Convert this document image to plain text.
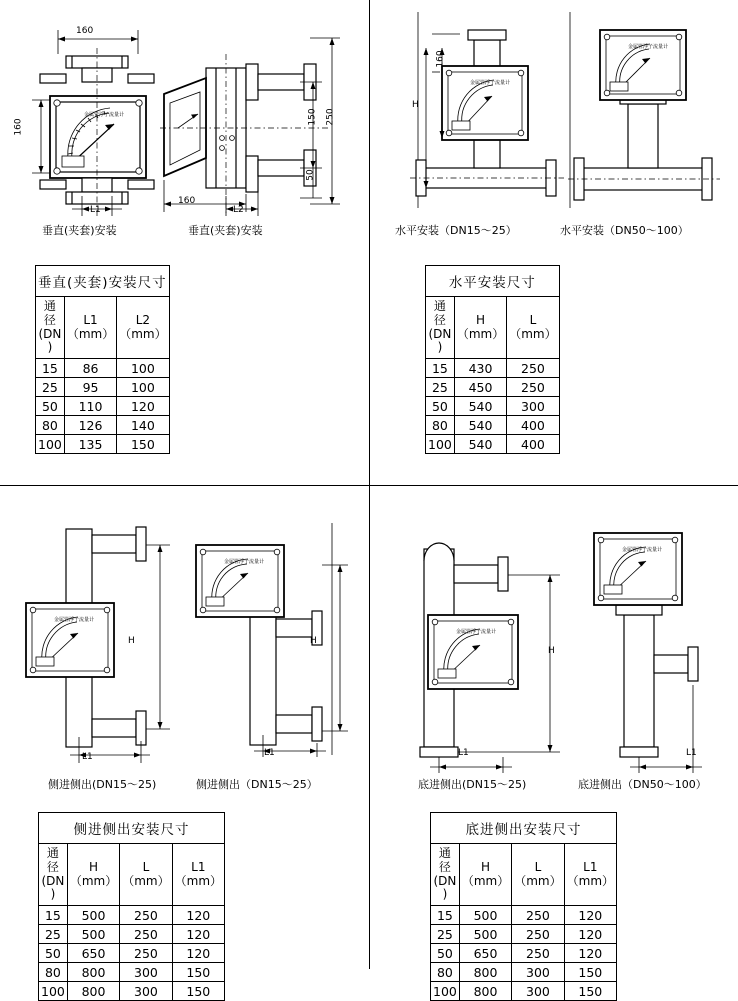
金属管浮子流量计
160
160
L1
160
L2
250
150
50
垂直(夹套)安装	垂直(夹套)安装
垂直(夹套)安装尺寸		

通 径
(DN )	L1（mm）	L2（mm）
15	86	100
25	95	100
50	110	120
80	126	140
100	135	150
金属管浮子流量计
金属管浮子流量计
160
H
水平安装（DN15～25）	水平安装（DN50～100）
水平安装尺寸		

通 径
(DN )	H（mm）	L（mm）
15	430	250
25	450	250
50	540	300
80	540	400
100	540	400
金属管浮子流量计
金属管浮子流量计
H
L1
H
L1
侧进侧出(DN15～25)	侧进侧出（DN15～25）
侧进侧出安装尺寸			

通 径
(DN )	H（mm）	L（mm）	L1（mm）
15	500	250	120
25	500	250	120
50	650	250	120
80	800	300	150
100	800	300	150
金属管浮子流量计
金属管浮子流量计
H
L1	L1
底进侧出(DN15～25)	底进侧出（DN50～100）
底进侧出安装尺寸			

通 径
(DN )	H（mm）	L（mm）	L1（mm）
15	500	250	120
25	500	250	120
50	650	250	120
80	800	300	150
100	800	300	150
